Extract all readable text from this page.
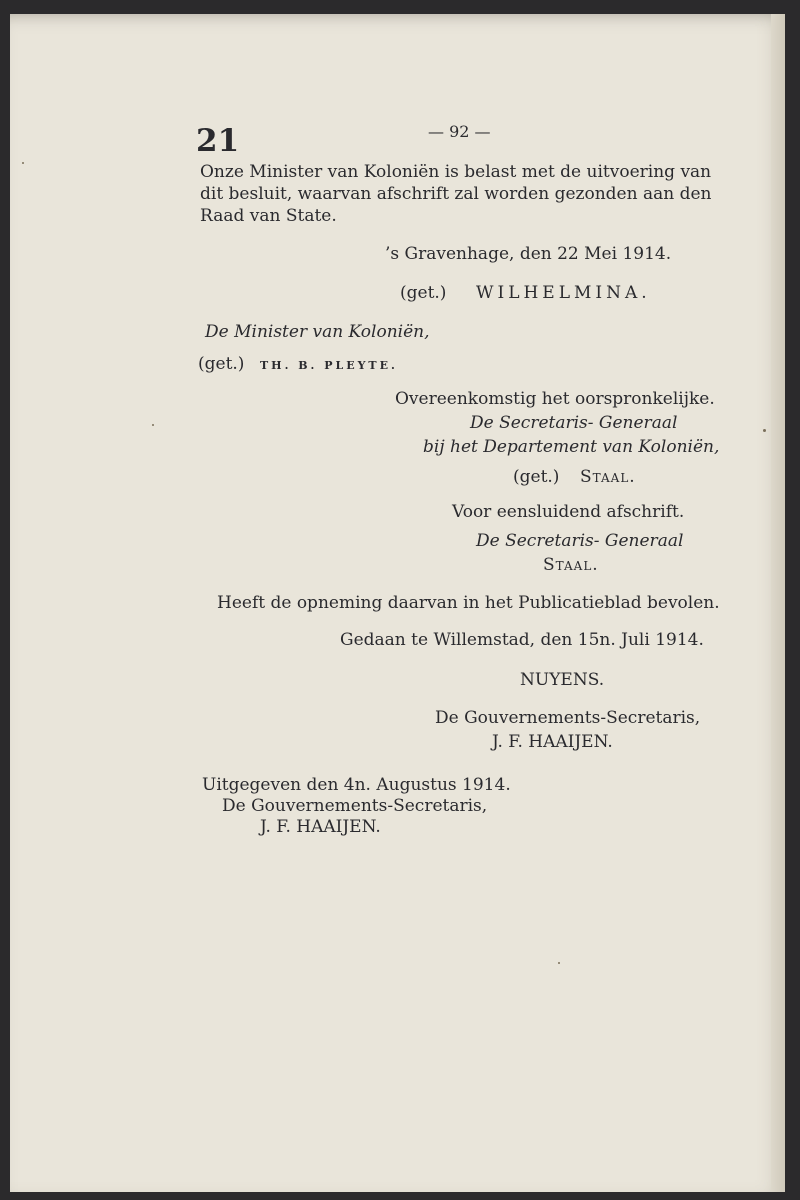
21	— 92 —
Onze Minister van Koloniën is belast met de uitvoering van
dit besluit, waarvan afschrift zal worden gezonden aan den
Raad van State.
’s Gravenhage, den 22 Mei 1914.
(get.) WILHELMINA.
De Minister van Koloniën,
(get.) TH. B. PLEYTE.
Overeenkomstig het oorspronkelijke.
De Secretaris- Generaal
bij het Departement van Koloniën,
(get.) Staal.
Voor eensluidend afschrift.
De Secretaris- Generaal
Staal.
Heeft de opneming daarvan in het Publicatieblad bevolen.
Gedaan te Willemstad, den 15n. Juli 1914.
NUYENS.
De Gouvernements-Secretaris,
J. F. HAAIJEN.
Uitgegeven den 4n. Augustus 1914.
De Gouvernements-Secretaris,
J. F. HAAIJEN.
